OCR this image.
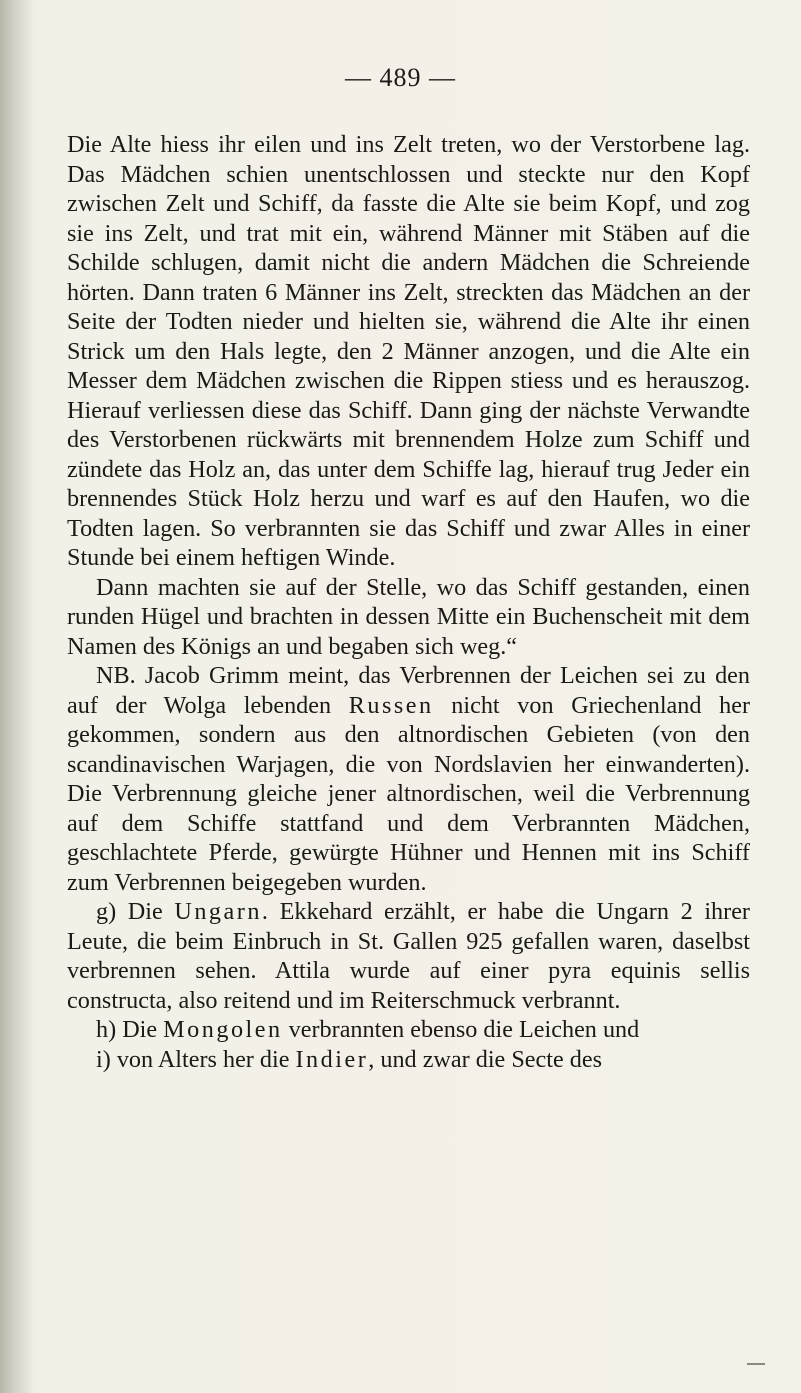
— 489 —

Die Alte hiess ihr eilen und ins Zelt treten, wo der Verstorbene lag. Das Mädchen schien unentschlossen und steckte nur den Kopf zwischen Zelt und Schiff, da fasste die Alte sie beim Kopf, und zog sie ins Zelt, und trat mit ein, während Männer mit Stäben auf die Schilde schlugen, damit nicht die andern Mädchen die Schreiende hörten. Dann traten 6 Männer ins Zelt, streckten das Mädchen an der Seite der Todten nieder und hielten sie, während die Alte ihr einen Strick um den Hals legte, den 2 Männer anzogen, und die Alte ein Messer dem Mädchen zwischen die Rippen stiess und es herauszog. Hierauf verliessen diese das Schiff. Dann ging der nächste Verwandte des Verstorbenen rückwärts mit brennendem Holze zum Schiff und zündete das Holz an, das unter dem Schiffe lag, hierauf trug Jeder ein brennendes Stück Holz herzu und warf es auf den Haufen, wo die Todten lagen. So verbrannten sie das Schiff und zwar Alles in einer Stunde bei einem heftigen Winde.

Dann machten sie auf der Stelle, wo das Schiff gestanden, einen runden Hügel und brachten in dessen Mitte ein Buchenscheit mit dem Namen des Königs an und begaben sich weg.“

NB. Jacob Grimm meint, das Verbrennen der Leichen sei zu den auf der Wolga lebenden Russen nicht von Griechenland her gekommen, sondern aus den altnordischen Gebieten (von den scandinavischen Warjagen, die von Nordslavien her einwanderten). Die Verbrennung gleiche jener altnordischen, weil die Verbrennung auf dem Schiffe stattfand und dem Verbrannten Mädchen, geschlachtete Pferde, gewürgte Hühner und Hennen mit ins Schiff zum Verbrennen beigegeben wurden.

g) Die Ungarn. Ekkehard erzählt, er habe die Ungarn 2 ihrer Leute, die beim Einbruch in St. Gallen 925 gefallen waren, daselbst verbrennen sehen. Attila wurde auf einer pyra equinis sellis constructa, also reitend und im Reiterschmuck verbrannt.

h) Die Mongolen verbrannten ebenso die Leichen und

i) von Alters her die Indier, und zwar die Secte des
